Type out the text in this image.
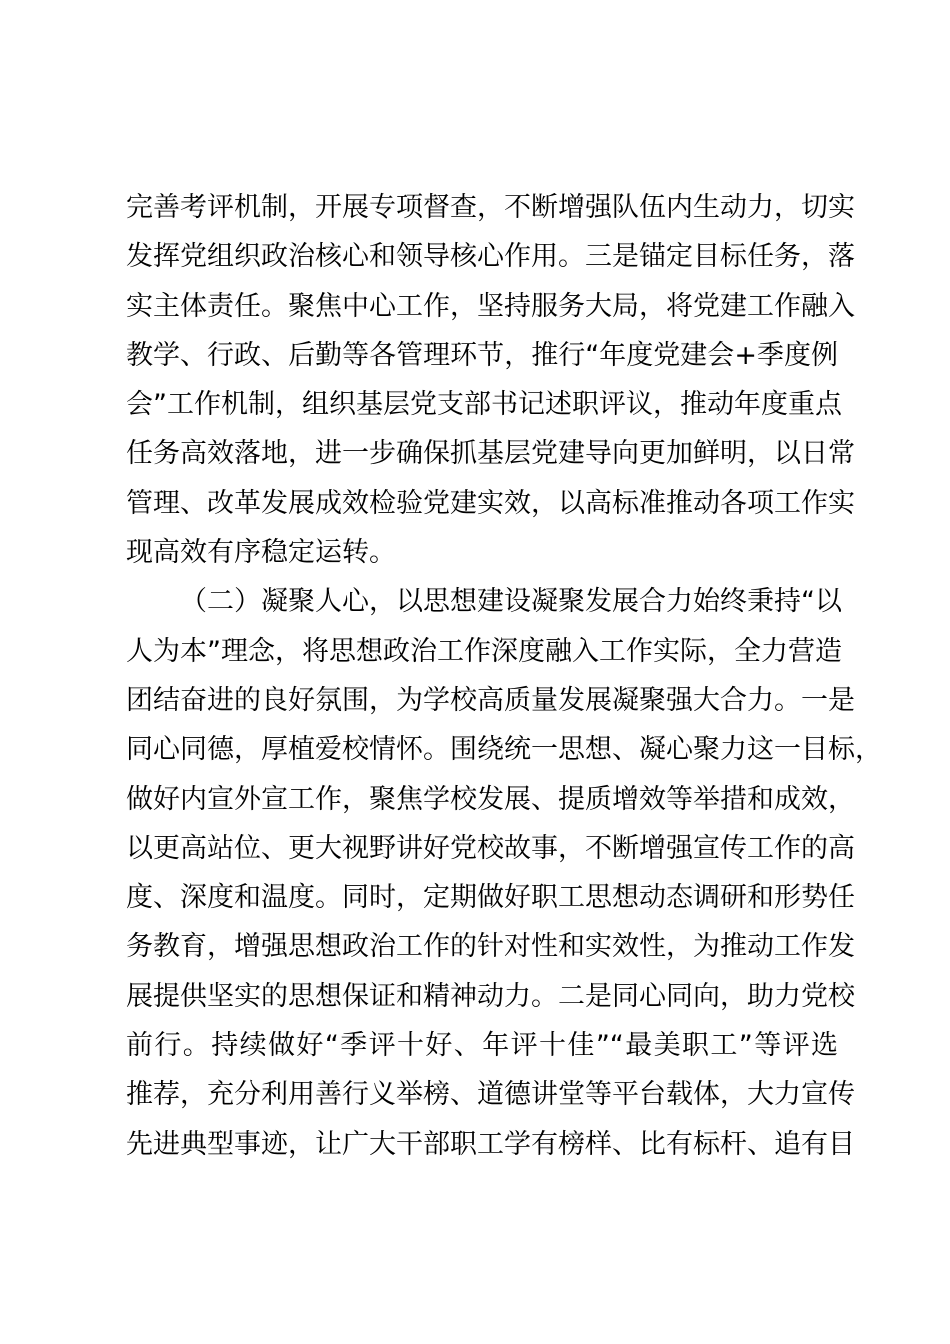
完善考评机制，开展专项督查，不断增强队伍内生动力，切实
发挥党组织政治核心和领导核心作用。三是锚定目标任务，落
实主体责任。聚焦中心工作，坚持服务大局，将党建工作融入
教学、行政、后勤等各管理环节，推行“年度党建会+季度例
会”工作机制，组织基层党支部书记述职评议，推动年度重点
任务高效落地，进一步确保抓基层党建导向更加鲜明，以日常
管理、改革发展成效检验党建实效，以高标准推动各项工作实
现高效有序稳定运转。
（二）凝聚人心，以思想建设凝聚发展合力始终秉持“以
人为本”理念，将思想政治工作深度融入工作实际，全力营造
团结奋进的良好氛围，为学校高质量发展凝聚强大合力。一是
同心同德，厚植爱校情怀。围绕统一思想、凝心聚力这一目标，
做好内宣外宣工作，聚焦学校发展、提质增效等举措和成效，
以更高站位、更大视野讲好党校故事，不断增强宣传工作的高
度、深度和温度。同时，定期做好职工思想动态调研和形势任
务教育，增强思想政治工作的针对性和实效性，为推动工作发
展提供坚实的思想保证和精神动力。二是同心同向，助力党校
前行。持续做好“季评十好、年评十佳”“最美职工”等评选
推荐，充分利用善行义举榜、道德讲堂等平台载体，大力宣传
先进典型事迹，让广大干部职工学有榜样、比有标杆、追有目
